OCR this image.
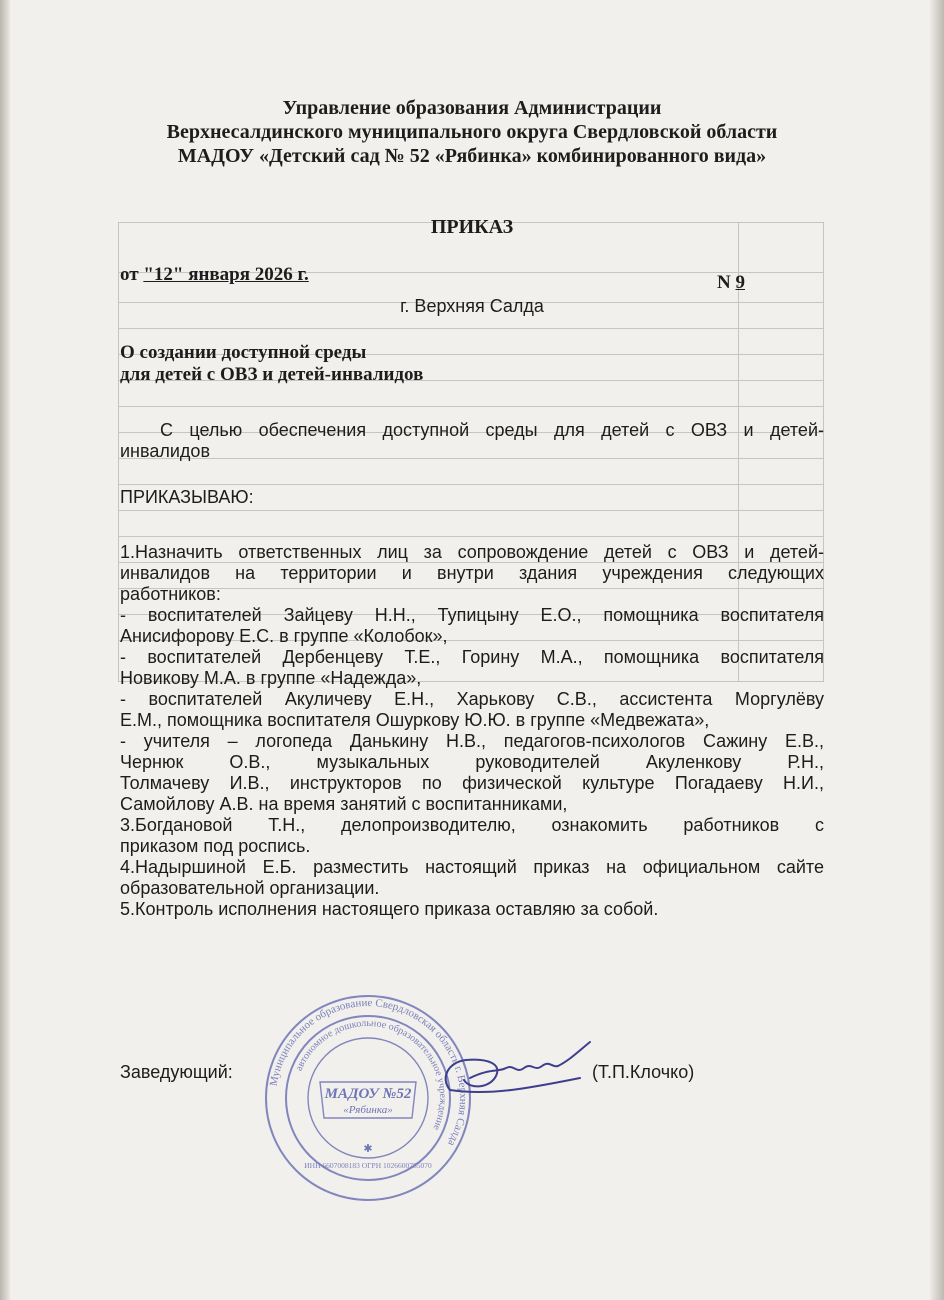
Управление образования Администрации
Верхнесалдинского муниципального округа Свердловской области
МАДОУ «Детский сад № 52 «Рябинка» комбинированного вида»
ПРИКАЗ
от "12" января 2026 г.	N 9
г. Верхняя Салда
О создании доступной среды
для детей с ОВЗ и детей-инвалидов

С целью обеспечения доступной среды для детей с ОВЗ и детей-

инвалидов

ПРИКАЗЫВАЮ:

1.Назначить ответственных лиц за сопровождение детей с ОВЗ и детей-

инвалидов на территории и внутри здания учреждения следующих

работников:

- воспитателей Зайцеву Н.Н., Тупицыну Е.О., помощника воспитателя

Анисифорову Е.С. в группе «Колобок»,

- воспитателей Дербенцеву Т.Е., Горину М.А., помощника воспитателя

Новикову М.А. в группе «Надежда»,

- воспитателей Акуличеву Е.Н., Харькову С.В., ассистента Моргулёву

Е.М., помощника воспитателя Ошуркову Ю.Ю. в группе «Медвежата»,

- учителя – логопеда Данькину Н.В., педагогов-психологов Сажину Е.В.,

Чернюк О.В., музыкальных руководителей Акуленкову Р.Н.,

Толмачеву И.В., инструкторов по физической культуре Погадаеву Н.И.,

Самойлову А.В. на время занятий с воспитанниками,

3.Богдановой Т.Н., делопроизводителю, ознакомить работников с

приказом под роспись.

4.Надыршиной Е.Б. разместить настоящий приказ на официальном сайте

образовательной организации.

5.Контроль исполнения настоящего приказа оставляю за собой.

Муниципальное образование Свердловская область г. Верхняя Салда
автономное дошкольное образовательное учреждение
МАДОУ №52
«Рябинка»
ИНН 6607008183 ОГРН 1026600785070
✱
Заведующий:	(Т.П.Клочко)
